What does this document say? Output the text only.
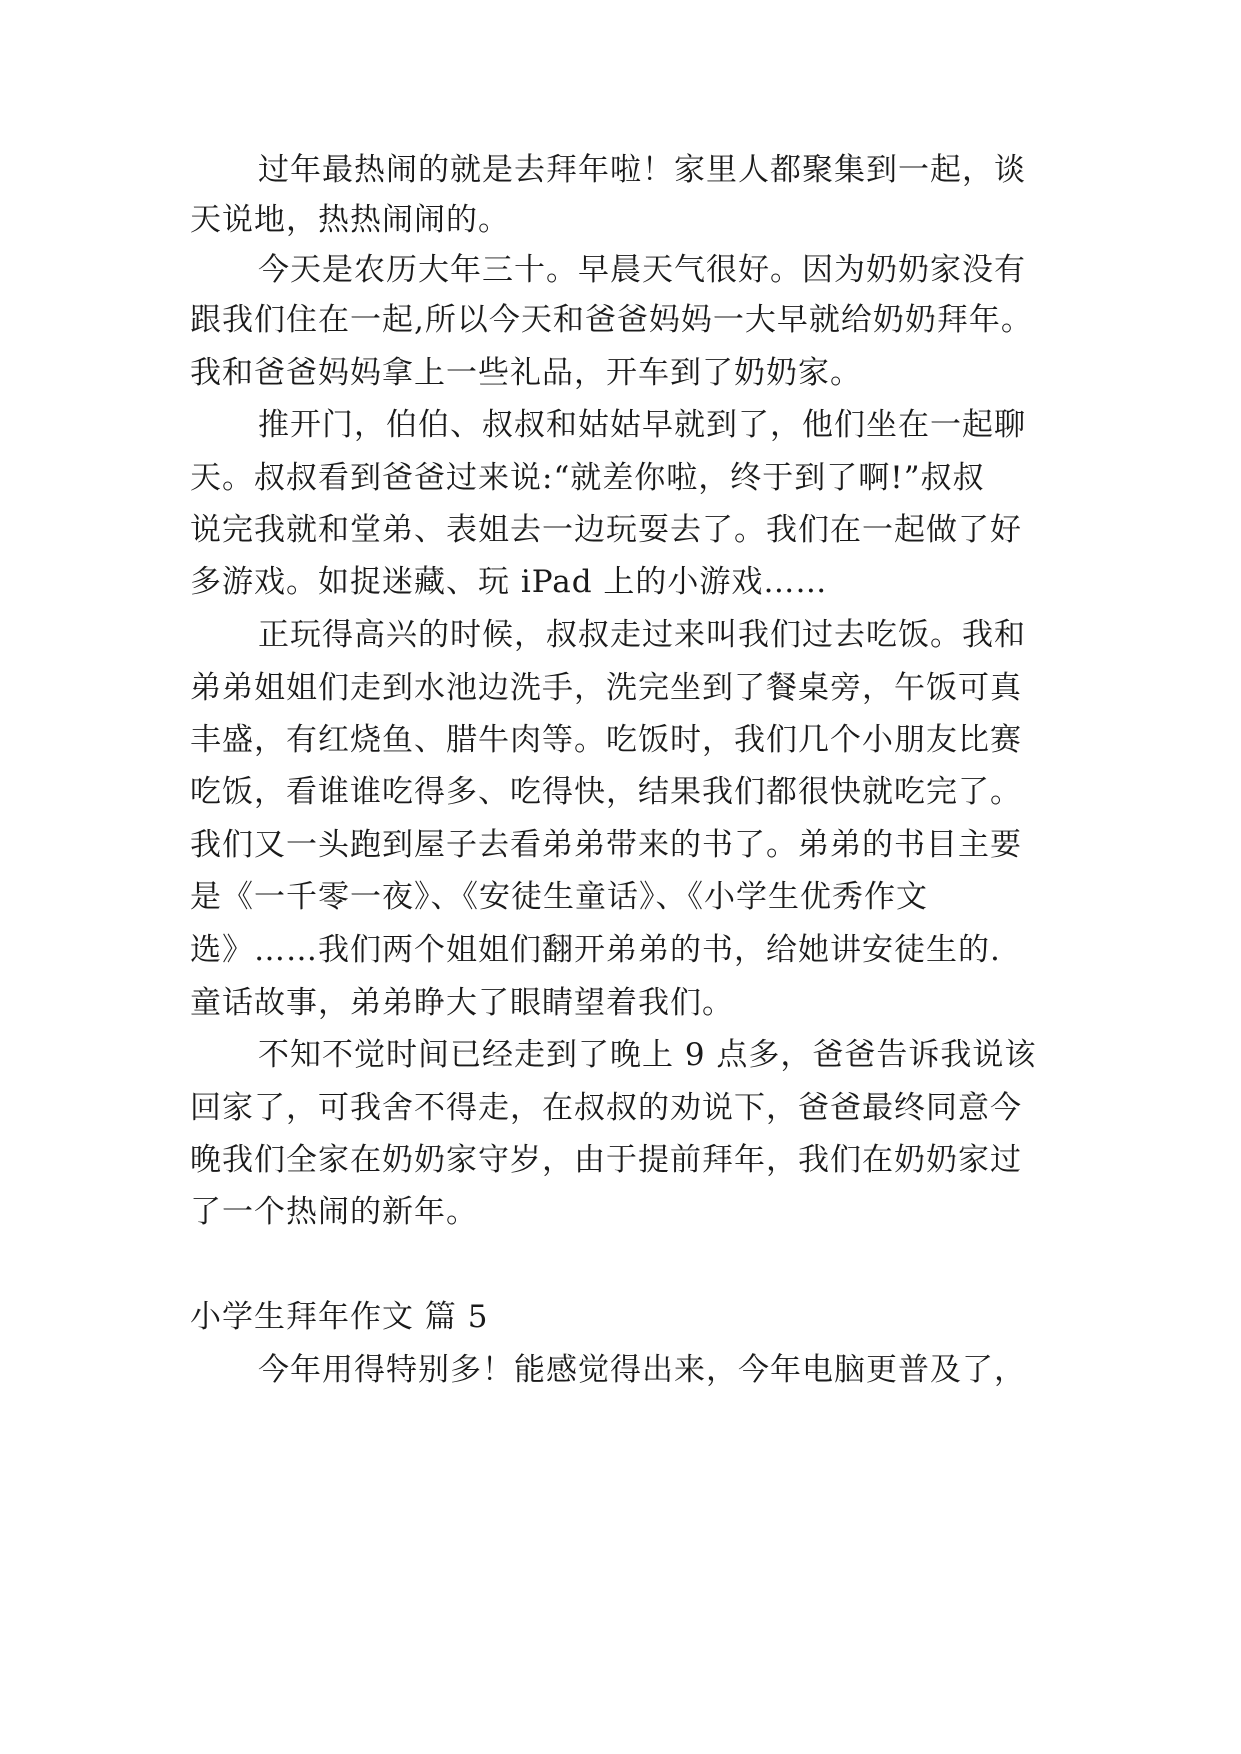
过年最热闹的就是去拜年啦！家里人都聚集到一起，谈
天说地，热热闹闹的。
今天是农历大年三十。早晨天气很好。因为奶奶家没有
跟我们住在一起,所以今天和爸爸妈妈一大早就给奶奶拜年。
我和爸爸妈妈拿上一些礼品，开车到了奶奶家。
推开门，伯伯、叔叔和姑姑早就到了，他们坐在一起聊
天。叔叔看到爸爸过来说:“就差你啦，终于到了啊!”叔叔
说完我就和堂弟、表姐去一边玩耍去了。我们在一起做了好
多游戏。如捉迷藏、玩 iPad 上的小游戏……
正玩得高兴的时候，叔叔走过来叫我们过去吃饭。我和
弟弟姐姐们走到水池边洗手，洗完坐到了餐桌旁，午饭可真
丰盛，有红烧鱼、腊牛肉等。吃饭时，我们几个小朋友比赛
吃饭，看谁谁吃得多、吃得快，结果我们都很快就吃完了。
我们又一头跑到屋子去看弟弟带来的书了。弟弟的书目主要
是《一千零一夜》、《安徒生童话》、《小学生优秀作文
选》……我们两个姐姐们翻开弟弟的书，给她讲安徒生的.
童话故事，弟弟睁大了眼睛望着我们。
不知不觉时间已经走到了晚上 9 点多，爸爸告诉我说该
回家了，可我舍不得走，在叔叔的劝说下，爸爸最终同意今
晚我们全家在奶奶家守岁，由于提前拜年，我们在奶奶家过
了一个热闹的新年。
小学生拜年作文 篇 5
今年用得特别多！能感觉得出来，今年电脑更普及了，
